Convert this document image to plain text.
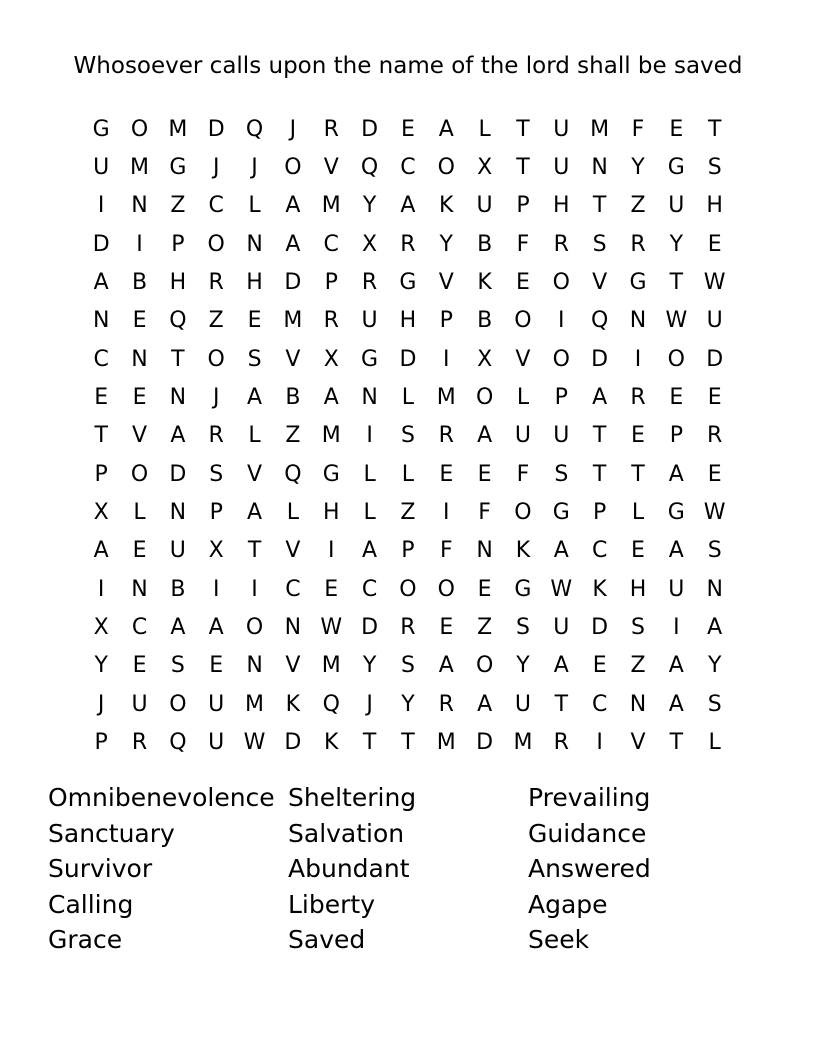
Whosoever calls upon the name of the lord shall be saved
G O M D Q	J	R	D	E	A	L	T	U M	F	E	T
U M G	J	J	O	V	Q	C O	X	T	U	N	Y	G	S
I	N	Z	C	L	A M	Y	A	K	U	P	H	T	Z	U	H
D	I	P	O N	A	C	X	R	Y	B	F	R	S	R	Y	E
A	B	H	R	H D	P	R	G	V	K	E	O	V	G	T W
N	E	Q	Z	E M R	U	H	P	B	O	I	Q N W U
C	N	T	O	S	V	X	G D	I	X	V	O D	I	O D
E	E	N	J	A	B	A	N	L	M O	L	P	A	R	E	E
T	V	A	R	L	Z M	I	S	R	A	U	U	T	E	P	R
P	O D	S	V	Q G	L	L	E	E	F	S	T	T	A	E
X	L	N	P	A	L	H	L	Z	I	F	O G	P	L	G W
A	E	U	X	T	V	I	A	P	F	N	K	A	C	E	A	S
I	N	B	I	I	C	E	C O O	E	G W K	H	U	N
X	C	A	A	O N W D	R	E	Z	S	U D	S	I	A
Y	E	S	E	N	V M	Y	S	A	O	Y	A	E	Z	A	Y
J	U O U M K	Q	J	Y	R	A	U	T	C	N	A	S
P	R	Q U W D	K	T	T	M D M R	I	V	T	L
Omnibenevolence Sheltering	Prevailing
Sanctuary	Salvation	Guidance
Survivor	Abundant	Answered
Calling	Liberty	Agape
Grace	Saved	Seek
